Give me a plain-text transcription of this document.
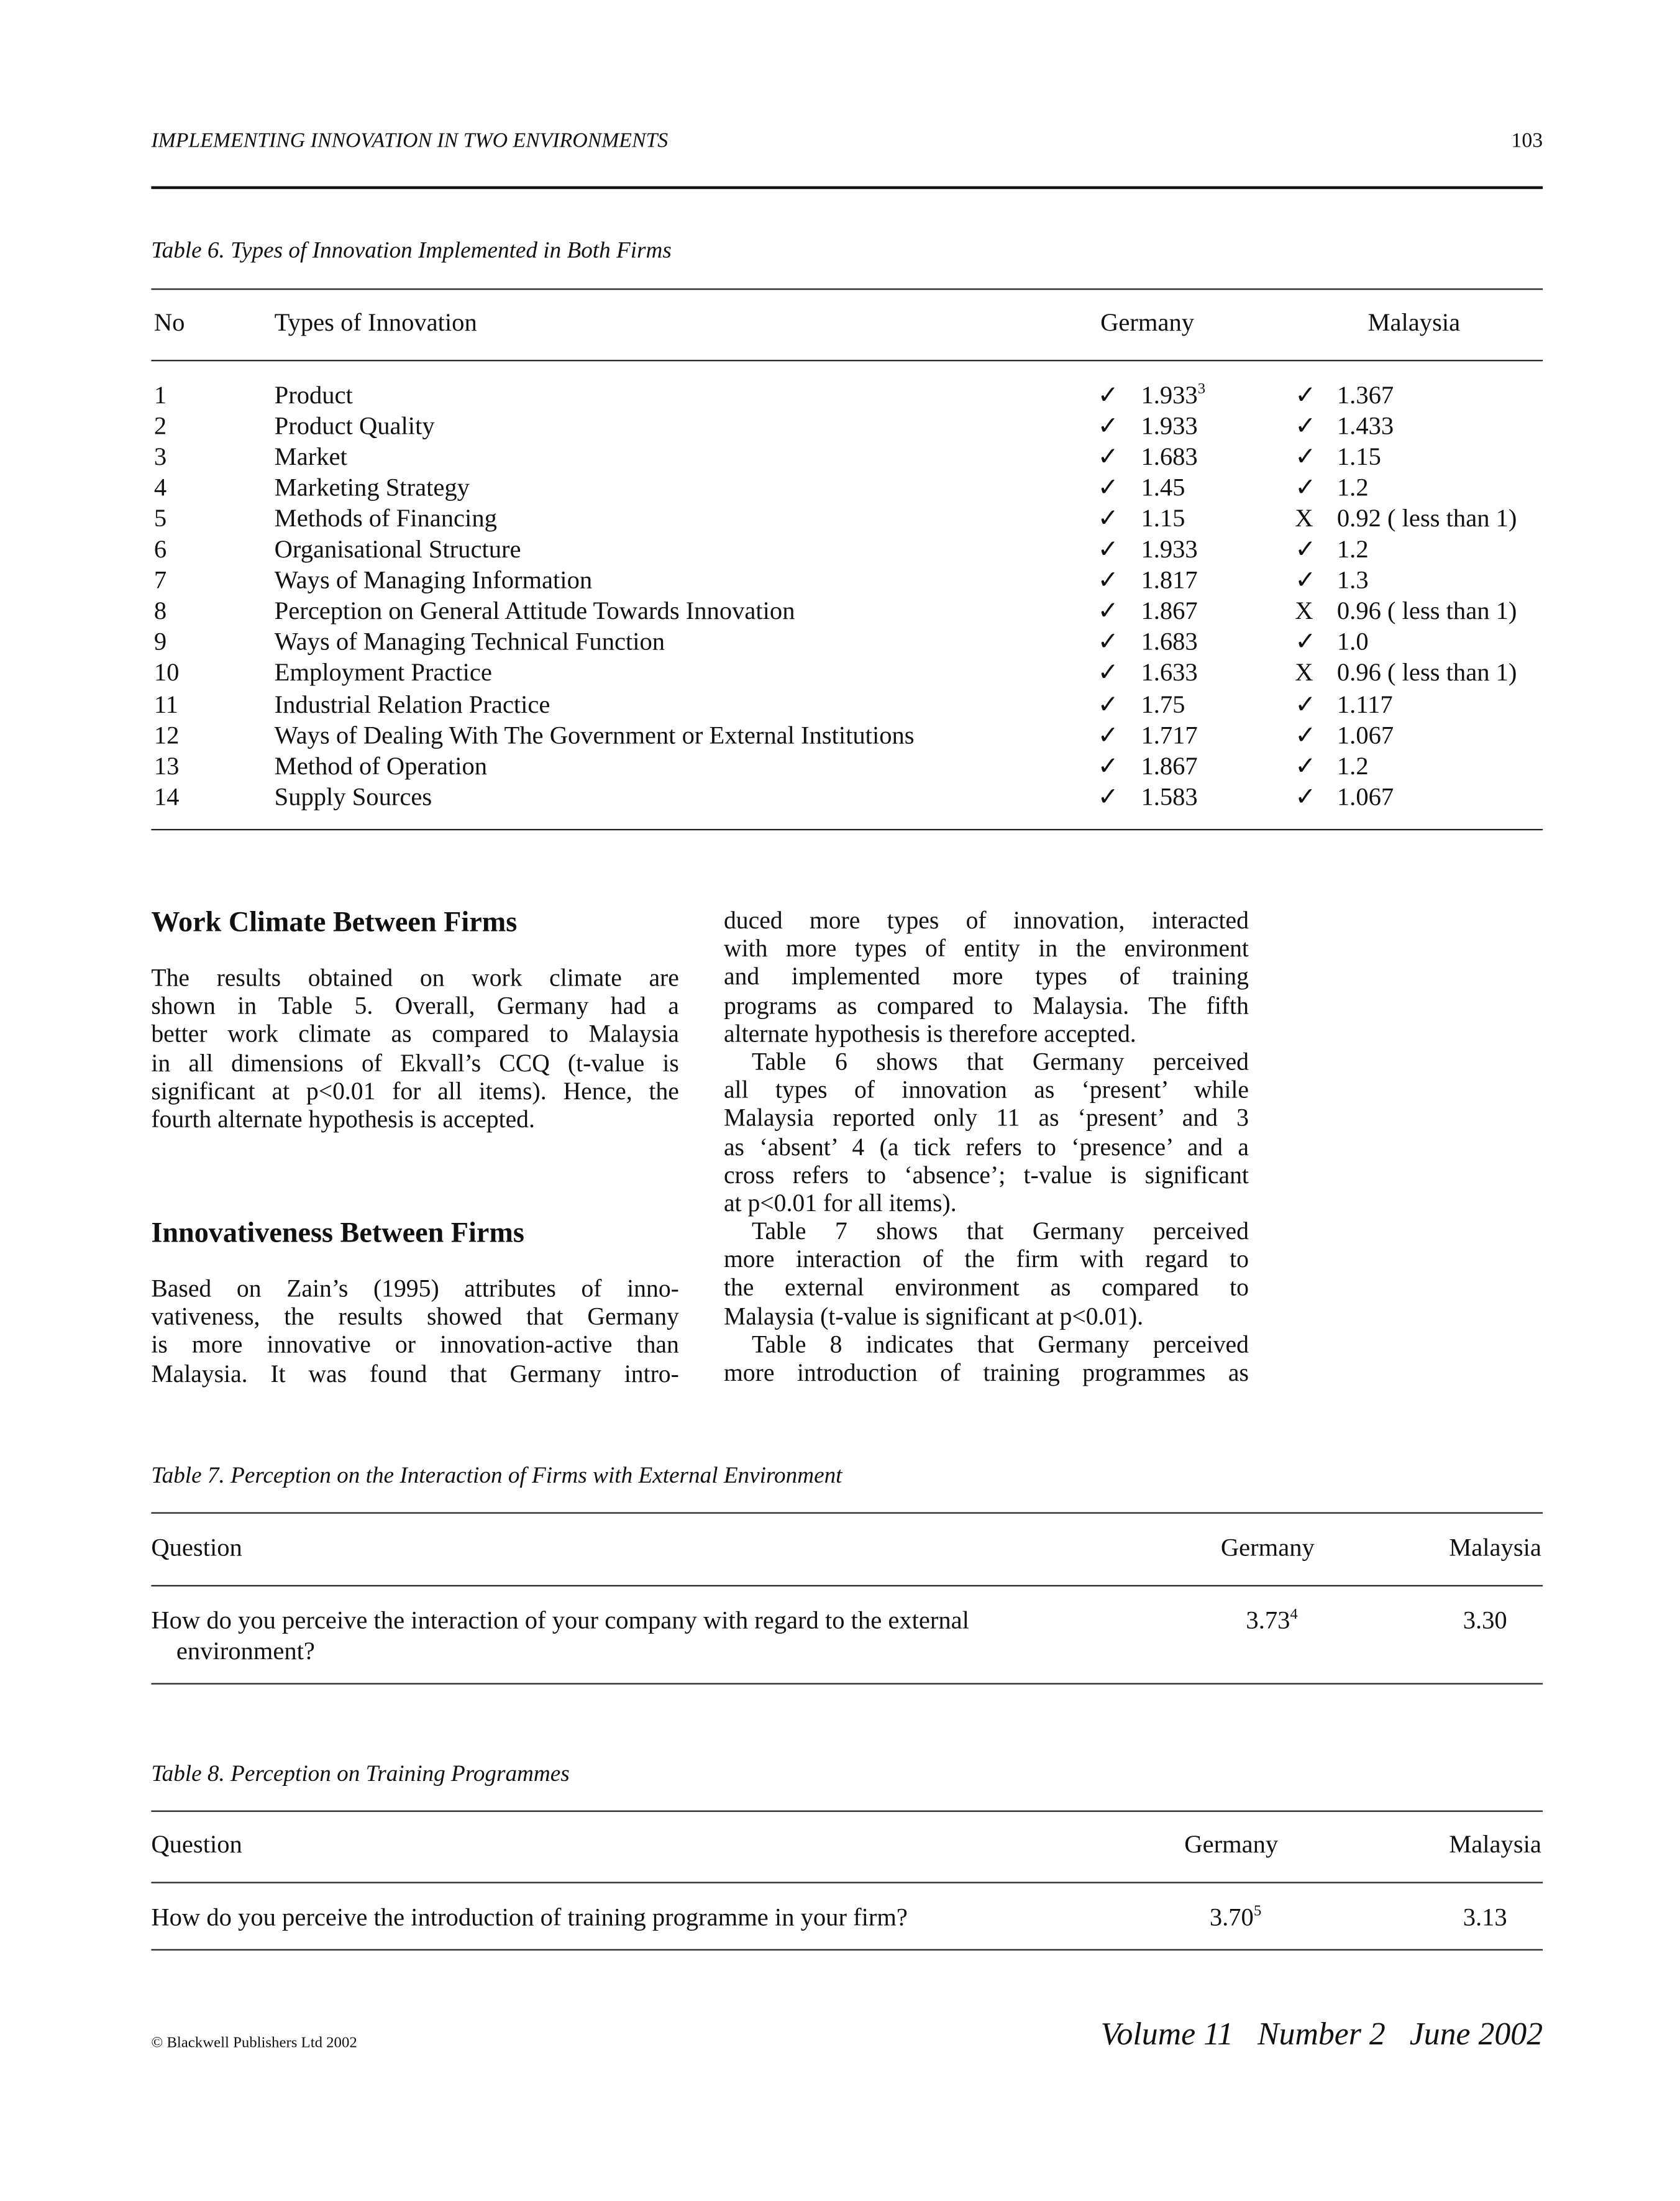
IMPLEMENTING INNOVATION IN TWO ENVIRONMENTS	103
Table 6. Types of Innovation Implemented in Both Firms
No	Types of Innovation	Germany	Malaysia
1	Product	✓ 1.933$^3$	✓ 1.367
2	Product Quality	✓ 1.933	✓ 1.433
3	Market	✓ 1.683	✓ 1.15
4	Marketing Strategy	✓ 1.45	✓ 1.2
5	Methods of Financing	✓ 1.15	X 0.92 ( less than 1)
6	Organisational Structure	✓ 1.933	✓ 1.2
7	Ways of Managing Information	✓ 1.817	✓ 1.3
8	Perception on General Attitude Towards Innovation	✓ 1.867	X 0.96 ( less than 1)
9	Ways of Managing Technical Function	✓ 1.683	✓ 1.0
10	Employment Practice	✓ 1.633	X 0.96 ( less than 1)
11	Industrial Relation Practice	✓ 1.75	✓ 1.117
12	Ways of Dealing With The Government or External Institutions	✓ 1.717	✓ 1.067
13	Method of Operation	✓ 1.867	✓ 1.2
14	Supply Sources	✓ 1.583	✓ 1.067
Work Climate Between Firms
The results obtained on work climate are
shown in Table 5. Overall, Germany had a
better work climate as compared to Malaysia
in all dimensions of Ekvall’s CCQ (t-value is
significant at p<0.01 for all items). Hence, the
fourth alternate hypothesis is accepted.
Innovativeness Between Firms
Based on Zain’s (1995) attributes of inno-
vativeness, the results showed that Germany
is more innovative or innovation-active than
Malaysia. It was found that Germany intro-
duced more types of innovation, interacted
with more types of entity in the environment
and implemented more types of training
programs as compared to Malaysia. The fifth
alternate hypothesis is therefore accepted.
Table 6 shows that Germany perceived
all types of innovation as ‘present’ while
Malaysia reported only 11 as ‘present’ and 3
as ‘absent’ 4 (a tick refers to ‘presence’ and a
cross refers to ‘absence’; t-value is significant
at p<0.01 for all items).
Table 7 shows that Germany perceived
more interaction of the firm with regard to
the external environment as compared to
Malaysia (t-value is significant at p<0.01).
Table 8 indicates that Germany perceived
more introduction of training programmes as
Table 7. Perception on the Interaction of Firms with External Environment
Question	Germany	Malaysia
How do you perceive the interaction of your company with regard to the external
environment?
3.73$^4$	3.30
Table 8. Perception on Training Programmes
Question	Germany	Malaysia
How do you perceive the introduction of training programme in your firm?	3.70$^5$	3.13
© Blackwell Publishers Ltd 2002	Volume 11   Number 2   June 2002
